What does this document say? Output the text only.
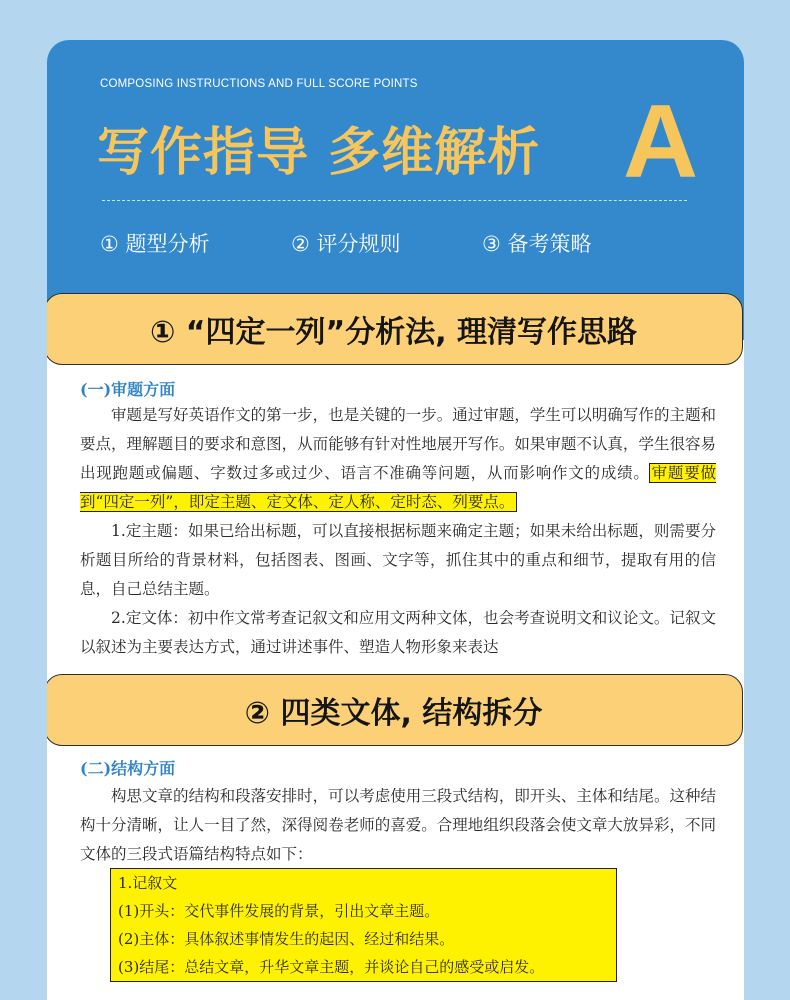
COMPOSING INSTRUCTIONS AND FULL SCORE POINTS
写作指导 多维解析 A
① 题型分析	② 评分规则	③ 备考策略
① “四定一列”分析法, 理清写作思路
(一)审题方面

审题是写好英语作文的第一步，也是关键的一步。通过审题，学生可以明确写作的主题和要点，理解题目的要求和意图，从而能够有针对性地展开写作。如果审题不认真，学生很容易出现跑题或偏题、字数过多或过少、语言不准确等问题，从而影响作文的成绩。 审题要做到“四定一列”，即定主题、定文体、定人称、定时态、列要点。

1.定主题：如果已给出标题，可以直接根据标题来确定主题；如果未给出标题，则需要分析题目所给的背景材料，包括图表、图画、文字等，抓住其中的重点和细节，提取有用的信息，自己总结主题。

2.定文体：初中作文常考查记叙文和应用文两种文体，也会考查说明文和议论文。记叙文以叙述为主要表达方式，通过讲述事件、塑造人物形象来表达

② 四类文体, 结构拆分
(二)结构方面

构思文章的结构和段落安排时，可以考虑使用三段式结构，即开头、主体和结尾。这种结构十分清晰，让人一目了然，深得阅卷老师的喜爱。合理地组织段落会使文章大放异彩，不同文体的三段式语篇结构特点如下：

1.记叙文
(1)开头：交代事件发展的背景，引出文章主题。
(2)主体：具体叙述事情发生的起因、经过和结果。
(3)结尾：总结文章，升华文章主题，并谈论自己的感受或启发。
